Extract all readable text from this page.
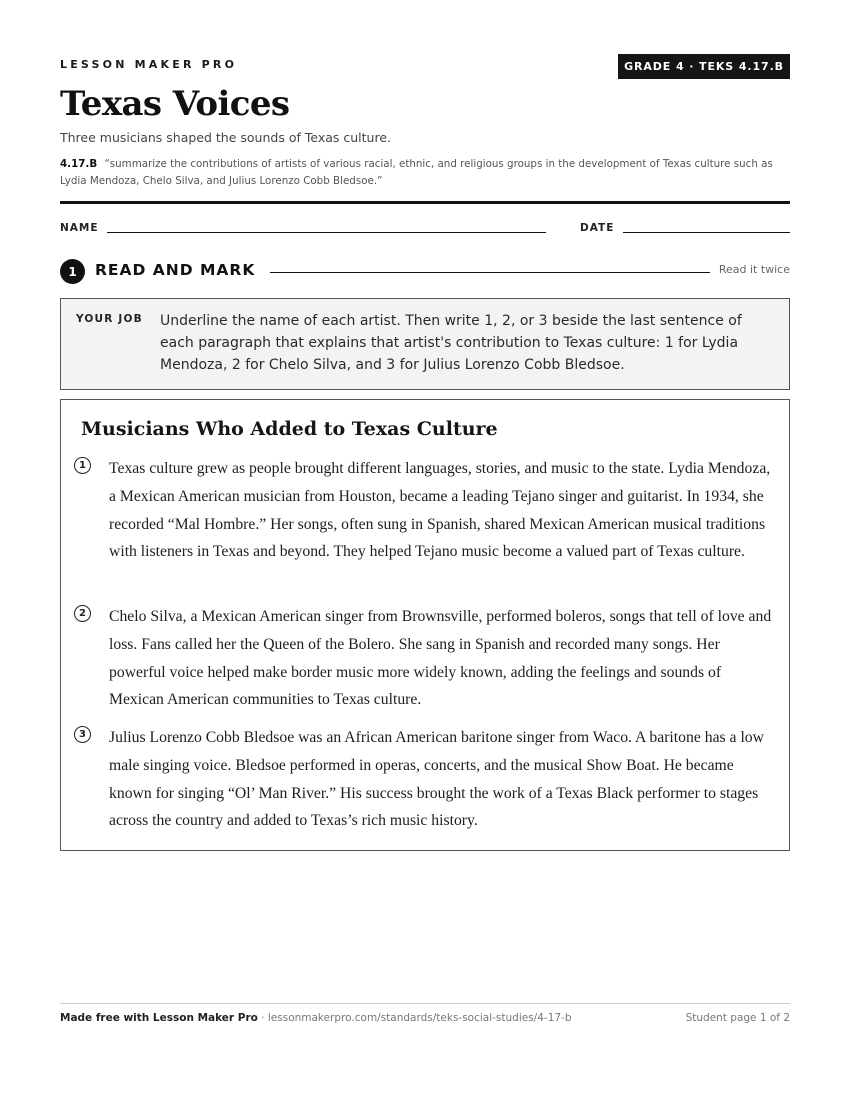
LESSON MAKER PRO	GRADE 4 · TEKS 4.17.B
Texas Voices
Three musicians shaped the sounds of Texas culture.
4.17.B “summarize the contributions of artists of various racial, ethnic, and religious groups in the development of Texas culture such as Lydia Mendoza, Chelo Silva, and Julius Lorenzo Cobb Bledsoe.”
NAME	DATE
1	READ AND MARK	Read it twice
YOUR JOB Underline the name of each artist. Then write 1, 2, or 3 beside the last sentence of each paragraph that explains that artist's contribution to Texas culture: 1 for Lydia Mendoza, 2 for Chelo Silva, and 3 for Julius Lorenzo Cobb Bledsoe.
Musicians Who Added to Texas Culture
1	Texas culture grew as people brought different languages, stories, and music to the state. Lydia Mendoza, a Mexican American musician from Houston, became a leading Tejano singer and guitarist. In 1934, she recorded “Mal Hombre.” Her songs, often sung in Spanish, shared Mexican American musical traditions with listeners in Texas and beyond. They helped Tejano music become a valued part of Texas culture.

2	Chelo Silva, a Mexican American singer from Brownsville, performed boleros, songs that tell of love and loss. Fans called her the Queen of the Bolero. She sang in Spanish and recorded many songs. Her powerful voice helped make border music more widely known, adding the feelings and sounds of Mexican American communities to Texas culture.

3	Julius Lorenzo Cobb Bledsoe was an African American baritone singer from Waco. A baritone has a low male singing voice. Bledsoe performed in operas, concerts, and the musical Show Boat. He became known for singing “Ol’ Man River.” His success brought the work of a Texas Black performer to stages across the country and added to Texas’s rich music history.

Made free with Lesson Maker Pro · lessonmakerpro.com/standards/teks-social-studies/4-17-b	Student page 1 of 2
